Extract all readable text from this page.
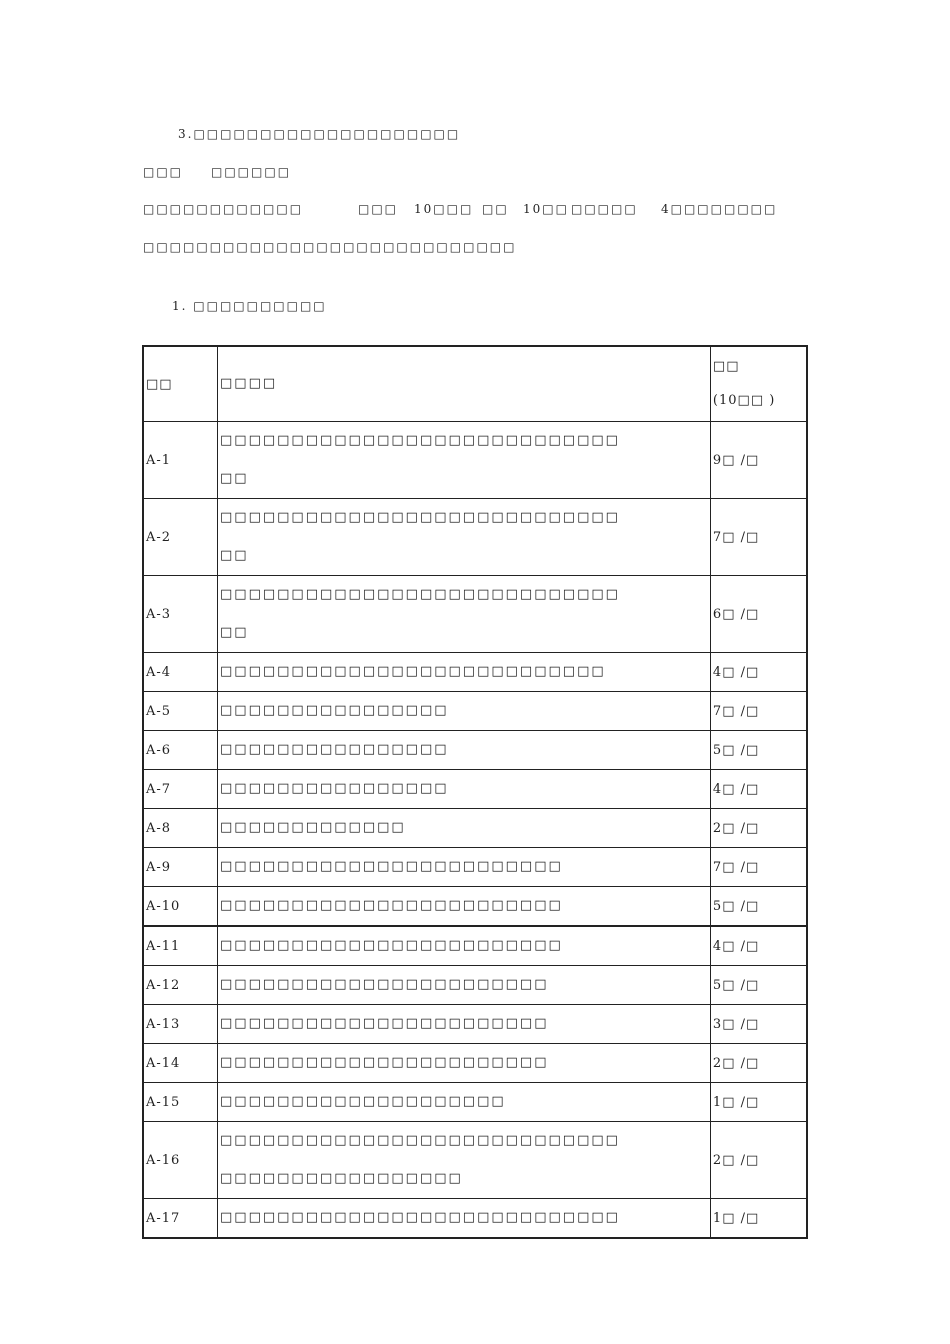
3.□□□□□□□□□□□□□□□□□□□□
□□□ □□□□□□
□□□□□□□□□□□□	□□□ 10□□□ □□ 10□□ □□□□□ 4□□□□□□□□
□□□□□□□□□□□□□□□□□□□□□□□□□□□□
1. □□□□□□□□□□
□□	□□□□	□□
(10□□ )

A-1	□□□□□□□□□□□□□□□□□□□□□□□□□□□□
□□	9□ /□
A-2	□□□□□□□□□□□□□□□□□□□□□□□□□□□□
□□	7□ /□
A-3	□□□□□□□□□□□□□□□□□□□□□□□□□□□□
□□	6□ /□
A-4	□□□□□□□□□□□□□□□□□□□□□□□□□□□	4□ /□
A-5	□□□□□□□□□□□□□□□□	7□ /□
A-6	□□□□□□□□□□□□□□□□	5□ /□
A-7	□□□□□□□□□□□□□□□□	4□ /□
A-8	□□□□□□□□□□□□□	2□ /□
A-9	□□□□□□□□□□□□□□□□□□□□□□□□	7□ /□
A-10	□□□□□□□□□□□□□□□□□□□□□□□□	5□ /□
A-11	□□□□□□□□□□□□□□□□□□□□□□□□	4□ /□
A-12	□□□□□□□□□□□□□□□□□□□□□□□	5□ /□
A-13	□□□□□□□□□□□□□□□□□□□□□□□	3□ /□
A-14	□□□□□□□□□□□□□□□□□□□□□□□	2□ /□
A-15	□□□□□□□□□□□□□□□□□□□□	1□ /□
A-16	□□□□□□□□□□□□□□□□□□□□□□□□□□□□
□□□□□□□□□□□□□□□□□	2□ /□
A-17	□□□□□□□□□□□□□□□□□□□□□□□□□□□□	1□ /□
